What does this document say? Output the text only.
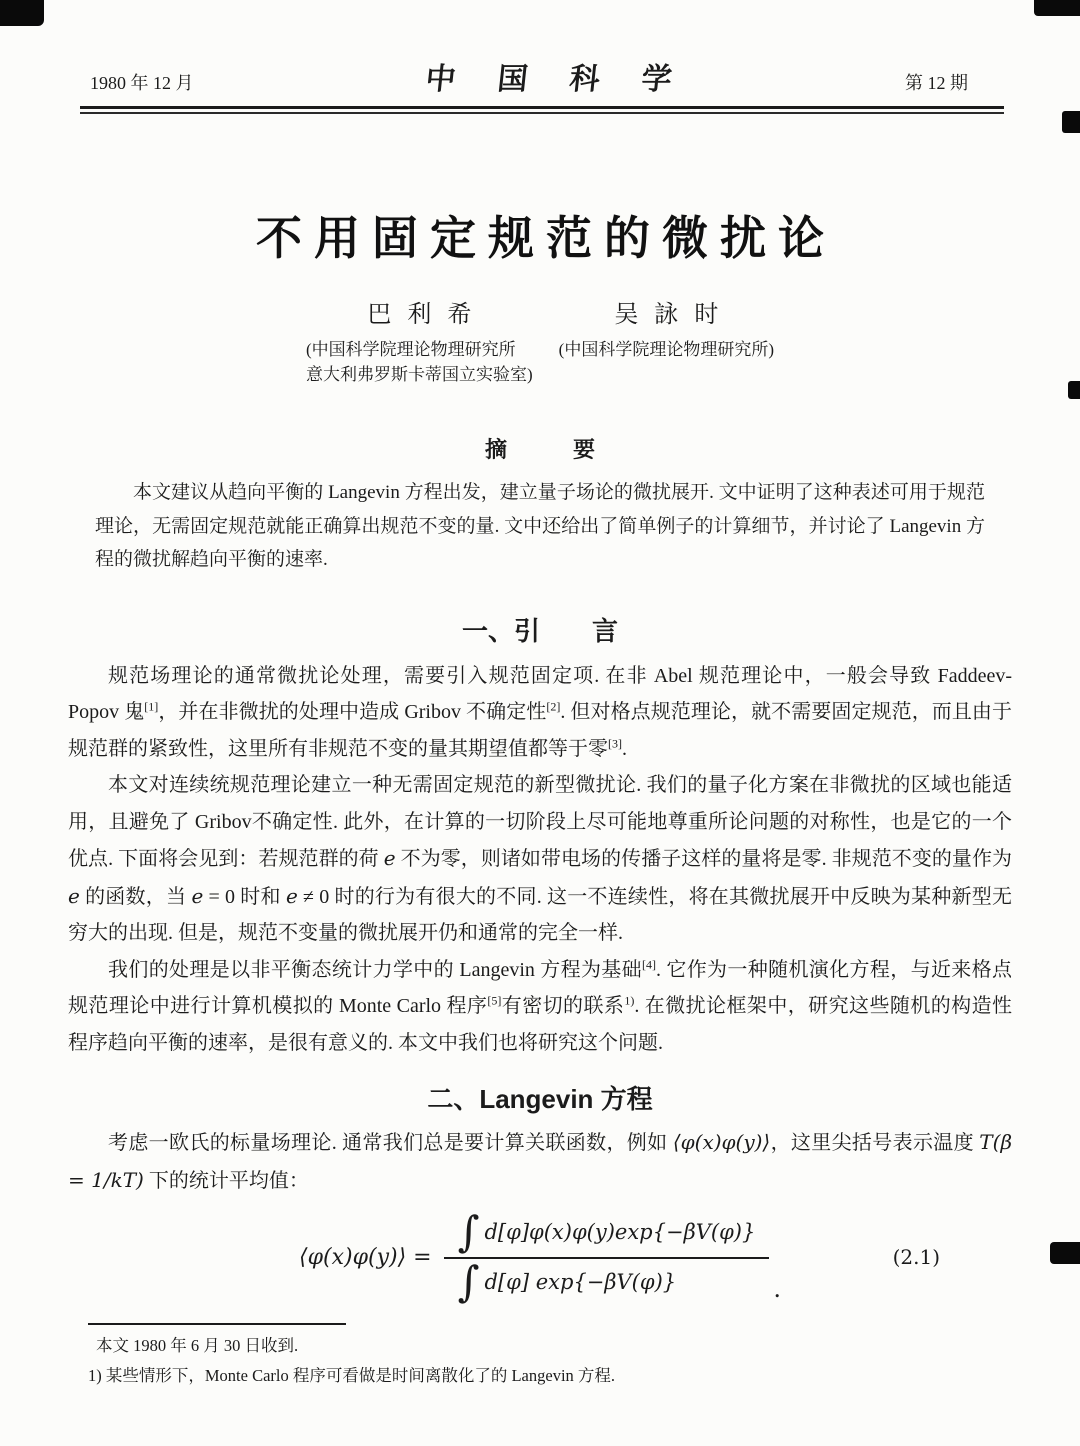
1980 年 12 月	中国科学	第 12 期
不用固定规范的微扰论
巴利希
(中国科学院理论物理研究所
意大利弗罗斯卡蒂国立实验室)
吴詠时
(中国科学院理论物理研究所)
摘　　　要

本文建议从趋向平衡的 Langevin 方程出发，建立量子场论的微扰展开. 文中证明了这种表述可用于规范理论，无需固定规范就能正确算出规范不变的量. 文中还给出了简单例子的计算细节，并讨论了 Langevin 方程的微扰解趋向平衡的速率.

一、引　　言

规范场理论的通常微扰论处理，需要引入规范固定项. 在非 Abel 规范理论中，一般会导致 Faddeev-Popov 鬼[1]，并在非微扰的处理中造成 Gribov 不确定性[2]. 但对格点规范理论，就不需要固定规范，而且由于规范群的紧致性，这里所有非规范不变的量其期望值都等于零[3].

本文对连续统规范理论建立一种无需固定规范的新型微扰论. 我们的量子化方案在非微扰的区域也能适用，且避免了 Gribov不确定性. 此外，在计算的一切阶段上尽可能地尊重所论问题的对称性，也是它的一个优点. 下面将会见到：若规范群的荷 e 不为零，则诸如带电场的传播子这样的量将是零. 非规范不变的量作为 e 的函数，当 e = 0 时和 e ≠ 0 时的行为有很大的不同. 这一不连续性，将在其微扰展开中反映为某种新型无穷大的出现. 但是，规范不变量的微扰展开仍和通常的完全一样.

我们的处理是以非平衡态统计力学中的 Langevin 方程为基础[4]. 它作为一种随机演化方程，与近来格点规范理论中进行计算机模拟的 Monte Carlo 程序[5]有密切的联系$^{1)}$. 在微扰论框架中，研究这些随机的构造性程序趋向平衡的速率，是很有意义的. 本文中我们也将研究这个问题.

二、Langevin 方程

考虑一欧氏的标量场理论. 通常我们总是要计算关联函数，例如 ⟨φ(x)φ(y)⟩，这里尖括号表示温度 T(β = 1/kT) 下的统计平均值：

⟨φ(x)φ(y)⟩ = $\frac{\int d[\varphi]\varphi(x)\varphi(y)\exp\{-\beta V(\varphi)\}}{\int d[\varphi] \exp\{-\beta V(\varphi)\}}$ .
(2.1)

本文 1980 年 6 月 30 日收到.

1) 某些情形下，Monte Carlo 程序可看做是时间离散化了的 Langevin 方程.
